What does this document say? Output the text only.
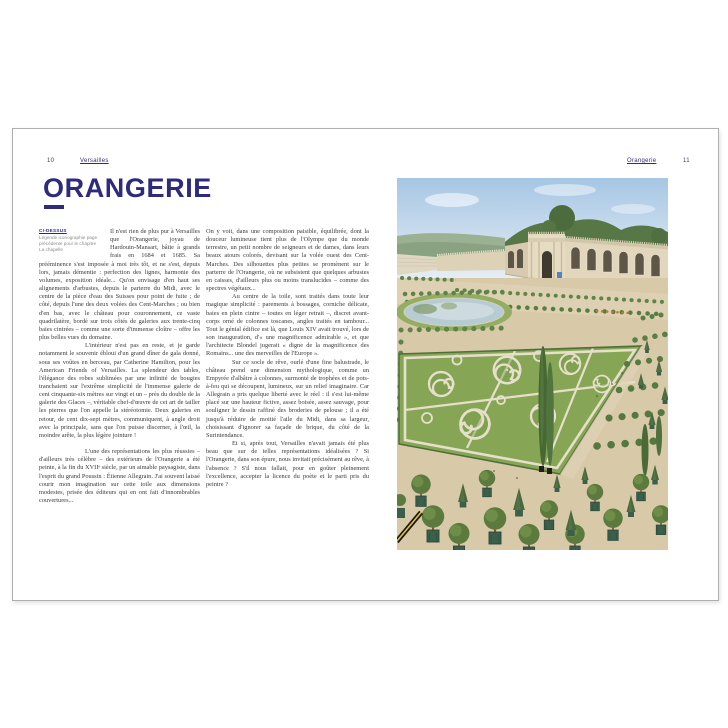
10	Versailles	Orangerie	11
ORANGERIE

CI-DESSUS
Légende iconographie page précédente pour le chapitre La chapelle
Il n'est rien de plus pur à Versailles que l'Orangerie, joyau de Hardouin-Mansart, bâtie à grands frais en 1684 et 1685. Sa prééminence s'est imposée à moi très tôt, et ne s'est, depuis lors, jamais démentie : perfection des lignes, harmonie des volumes, exposition idéale... Qu'on envisage d'en haut ses alignements d'arbustes, depuis le parterre du Midi, avec le centre de la pièce d'eau des Suisses pour point de fuite ; de côté, depuis l'une des deux volées des Cent-Marches ; ou bien d'en bas, avec le château pour couronnement, ce vaste quadrilatère, bordé sur trois côtés de galeries aux trente-cinq baies cintrées – comme une sorte d'immense cloître – offre les plus belles vues du domaine.

L'intérieur n'est pas en reste, et je garde notamment le souvenir ébloui d'un grand dîner de gala donné, sous ses voûtes en berceau, par Catherine Hamilton, pour les American Friends of Versailles. La splendeur des tables, l'élégance des robes sublimées par une infinité de bougies tranchaient sur l'extrême simplicité de l'immense galerie de cent cinquante-six mètres sur vingt et un – près du double de la galerie des Glaces –, véritable chef-d'œuvre de cet art de tailler les pierres que l'on appelle la stéréotomie. Deux galeries en retour, de cent dix-sept mètres, communiquent, à angle droit avec la principale, sans que l'on puisse discerner, à l'œil, la moindre arête, la plus légère jointure !

L'une des représentations les plus réussies – d'ailleurs très célèbre – des extérieurs de l'Orangerie a été peinte, à la fin du XVIIᵉ siècle, par un aimable paysagiste, dans l'esprit du grand Poussin : Étienne Allegrain. J'ai souvent laissé courir mon imagination sur cette toile aux dimensions modestes, prisée des éditeurs qui en ont fait d'innombrables couvertures...

On y voit, dans une composition paisible, équilibrée, dont la douceur lumineuse tient plus de l'Olympe que du monde terrestre, un petit nombre de seigneurs et de dames, dans leurs beaux atours colorés, devisant sur la volée ouest des Cent-Marches. Des silhouettes plus petites se promènent sur le parterre de l'Orangerie, où ne subsistent que quelques arbustes en caisses, d'ailleurs plus ou moins translucides – comme des spectres végétaux...

Au centre de la toile, sont traités dans toute leur magique simplicité : parements à bossages, corniche délicate, baies en plein cintre – toutes en léger retrait –, discret avant-corps orné de colonnes toscanes, angles traités en tambour... Tout le génial édifice est là, que Louis XIV avait trouvé, lors de son inauguration, d'« une magnificence admirable », et que l'architecte Blondel jugerait « digne de la magnificence des Romains... une des merveilles de l'Europe ».

Sur ce socle de rêve, ourlé d'une fine balustrade, le château prend une dimension mythologique, comme un Empyrée d'albâtre à colonnes, surmonté de trophées et de pots-à-feu qui se découpent, lumineux, sur un relief imaginaire. Car Allegrain a pris quelque liberté avec le réel : il s'est lui-même placé sur une hauteur fictive, assez boisée, assez sauvage, pour souligner le dessin raffiné des broderies de pelouse ; il a été jusqu'à réduire de moitié l'aile du Midi, dans sa largeur, choisissant d'ignorer sa façade de brique, du côté de la Surintendance.

Et si, après tout, Versailles n'avait jamais été plus beau que sur de telles représentations idéalisées ? Si l'Orangerie, dans son épure, nous invitait précisément au rêve, à l'absence ? S'il nous fallait, pour en goûter pleinement l'excellence, accepter la licence du poète et le parti pris du peintre ?
